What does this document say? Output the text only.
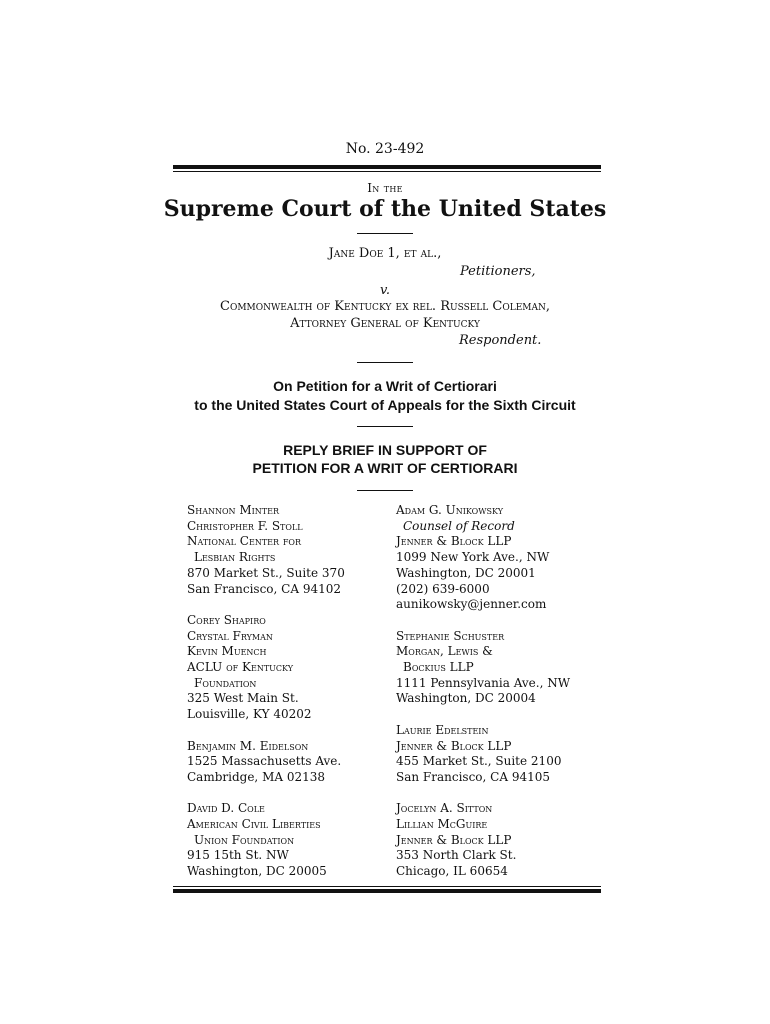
No. 23-492
In the
Supreme Court of the United States
Jane Doe 1, et al.,
Petitioners,
v.
Commonwealth of Kentucky ex rel. Russell Coleman,
Attorney General of Kentucky
Respondent.
On Petition for a Writ of Certiorari
to the United States Court of Appeals for the Sixth Circuit
REPLY BRIEF IN SUPPORT OF
PETITION FOR A WRIT OF CERTIORARI
Shannon Minter
Christopher F. Stoll
National Center for
Lesbian Rights
870 Market St., Suite 370
San Francisco, CA 94102
Corey Shapiro
Crystal Fryman
Kevin Muench
ACLU of Kentucky
Foundation
325 West Main St.
Louisville, KY 40202
Benjamin M. Eidelson
1525 Massachusetts Ave.
Cambridge, MA 02138
David D. Cole
American Civil Liberties
Union Foundation
915 15th St. NW
Washington, DC 20005
Adam G. Unikowsky
Counsel of Record
Jenner & Block LLP
1099 New York Ave., NW
Washington, DC 20001
(202) 639-6000
aunikowsky@jenner.com
Stephanie Schuster
Morgan, Lewis &
Bockius LLP
1111 Pennsylvania Ave., NW
Washington, DC 20004
Laurie Edelstein
Jenner & Block LLP
455 Market St., Suite 2100
San Francisco, CA 94105
Jocelyn A. Sitton
Lillian McGuire
Jenner & Block LLP
353 North Clark St.
Chicago, IL 60654
